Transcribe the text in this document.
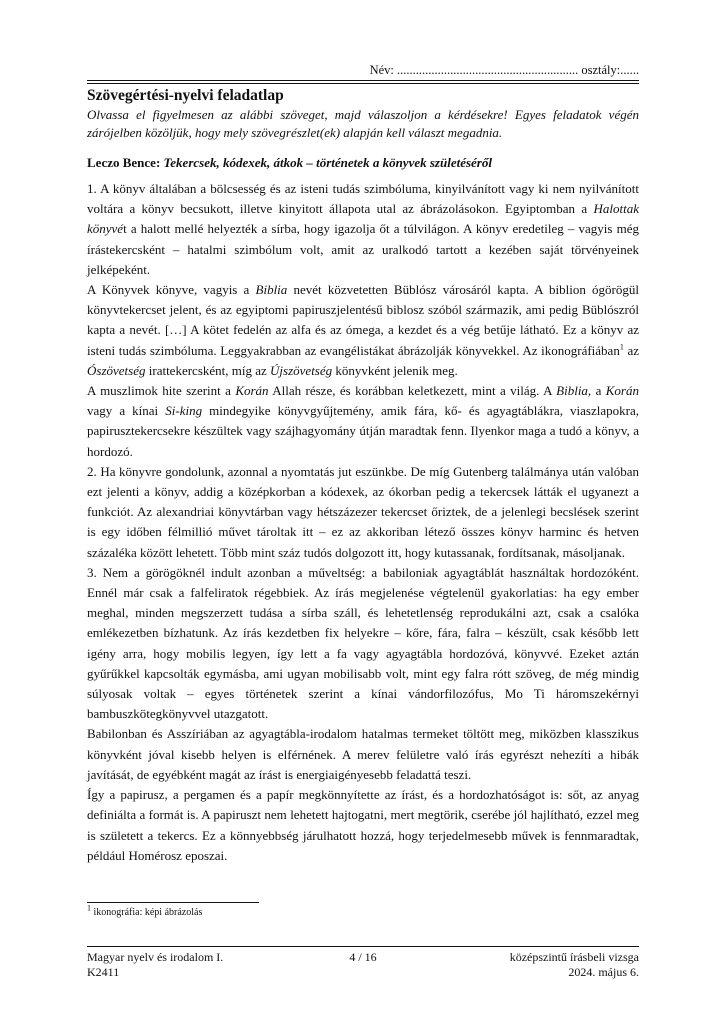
Név: .......................................................... osztály:......

Szövegértési-nyelvi feladatlap

Olvassa el figyelmesen az alábbi szöveget, majd válaszoljon a kérdésekre! Egyes feladatok végén zárójelben közöljük, hogy mely szövegrészlet(ek) alapján kell választ megadnia.

Leczo Bence: Tekercsek, kódexek, átkok – történetek a könyvek születéséről

1. A könyv általában a bölcsesség és az isteni tudás szimbóluma, kinyilvánított vagy ki nem nyilvánított voltára a könyv becsukott, illetve kinyitott állapota utal az ábrázolásokon. Egyiptomban a Halottak könyvét a halott mellé helyezték a sírba, hogy igazolja őt a túlvilágon. A könyv eredetileg – vagyis még írástekercsként – hatalmi szimbólum volt, amit az uralkodó tartott a kezében saját törvényeinek jelképeként.

A Könyvek könyve, vagyis a Biblia nevét közvetetten Büblósz városáról kapta. A biblion ógörögül könyvtekercset jelent, és az egyiptomi papiruszjelentésű biblosz szóból származik, ami pedig Büblószról kapta a nevét. […] A kötet fedelén az alfa és az ómega, a kezdet és a vég betűje látható. Ez a könyv az isteni tudás szimbóluma. Leggyakrabban az evangélistákat ábrázolják könyvekkel. Az ikonográfiában$^1$ az Ószövetség irattekercsként, míg az Újszövetség könyvként jelenik meg.

A muszlimok hite szerint a Korán Allah része, és korábban keletkezett, mint a világ. A Biblia, a Korán vagy a kínai Si-king mindegyike könyvgyűjtemény, amik fára, kő- és agyagtáblákra, viaszlapokra, papirusztekercsekre készültek vagy szájhagyomány útján maradtak fenn. Ilyenkor maga a tudó a könyv, a hordozó.

2. Ha könyvre gondolunk, azonnal a nyomtatás jut eszünkbe. De míg Gutenberg találmánya után valóban ezt jelenti a könyv, addig a középkorban a kódexek, az ókorban pedig a tekercsek látták el ugyanezt a funkciót. Az alexandriai könyvtárban vagy hétszázezer tekercset őriztek, de a jelenlegi becslések szerint is egy időben félmillió művet tároltak itt – ez az akkoriban létező összes könyv harminc és hetven százaléka között lehetett. Több mint száz tudós dolgozott itt, hogy kutassanak, fordítsanak, másoljanak.

3. Nem a görögöknél indult azonban a műveltség: a babiloniak agyagtáblát használtak hordozóként. Ennél már csak a falfeliratok régebbiek. Az írás megjelenése végtelenül gyakorlatias: ha egy ember meghal, minden megszerzett tudása a sírba száll, és lehetetlenség reprodukálni azt, csak a csalóka emlékezetben bízhatunk. Az írás kezdetben fix helyekre – kőre, fára, falra – készült, csak később lett igény arra, hogy mobilis legyen, így lett a fa vagy agyagtábla hordozóvá, könyvvé. Ezeket aztán gyűrűkkel kapcsolták egymásba, ami ugyan mobilisabb volt, mint egy falra rótt szöveg, de még mindig súlyosak voltak – egyes történetek szerint a kínai vándorfilozófus, Mo Ti háromszekérnyi bambuszkötegkönyvvel utazgatott.

Babilonban és Asszíriában az agyagtábla-irodalom hatalmas termeket töltött meg, miközben klasszikus könyvként jóval kisebb helyen is elférnének. A merev felületre való írás egyrészt nehezíti a hibák javítását, de egyébként magát az írást is energiaigényesebb feladattá teszi.

Így a papirusz, a pergamen és a papír megkönnyítette az írást, és a hordozhatóságot is: sőt, az anyag definiálta a formát is. A papiruszt nem lehetett hajtogatni, mert megtörik, cserébe jól hajlítható, ezzel meg is született a tekercs. Ez a könnyebbség járulhatott hozzá, hogy terjedelmesebb művek is fennmaradtak, például Homérosz eposzai.

$^1$ ikonográfia: képi ábrázolás
Magyar nyelv és irodalom I.
K2411
4 / 16	középszintű írásbeli vizsga
2024. május 6.
